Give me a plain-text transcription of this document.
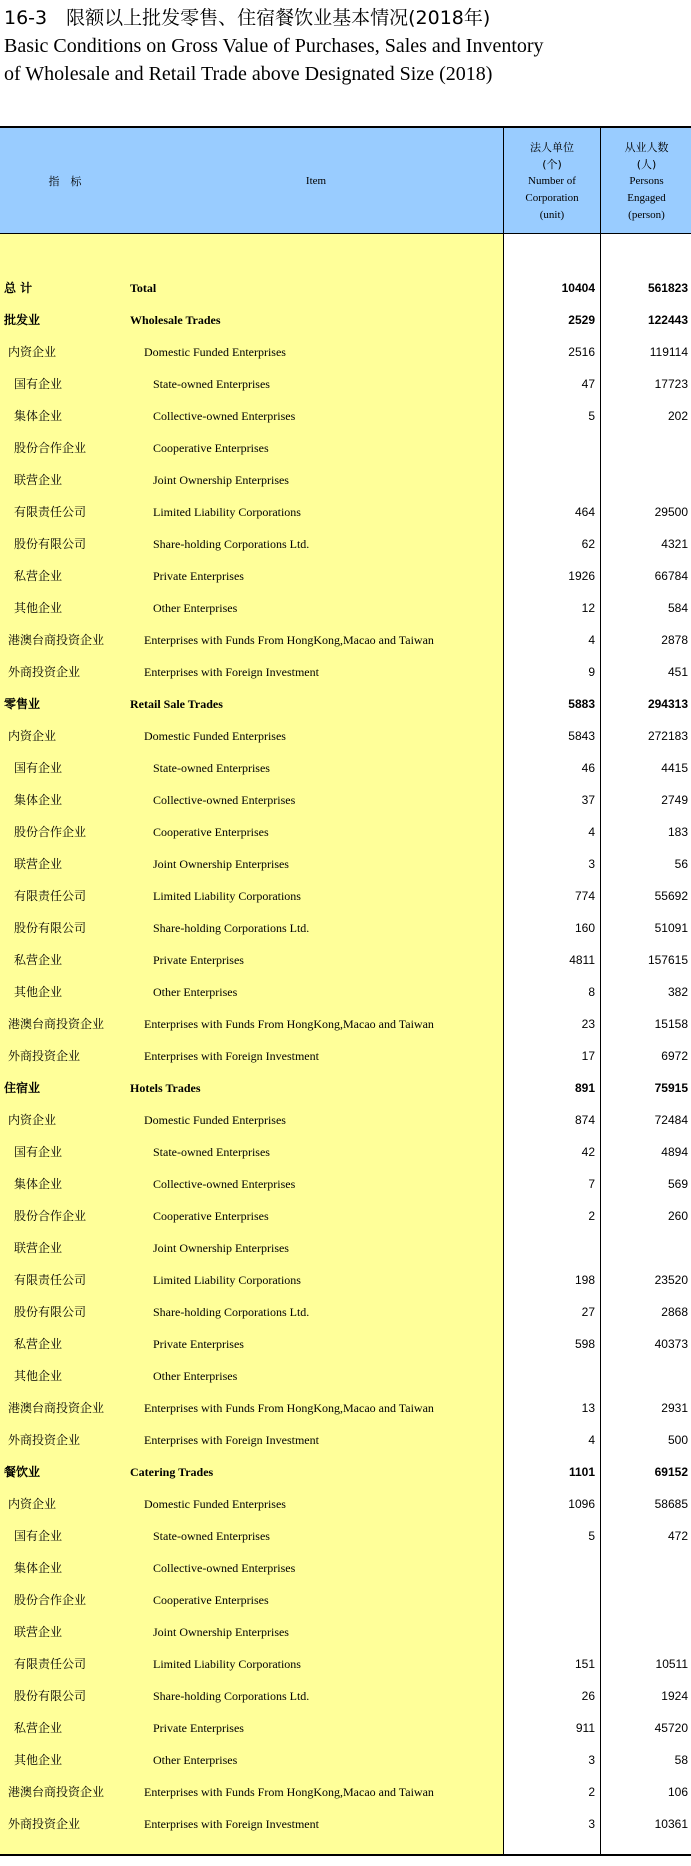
16-3　限额以上批发零售、住宿餐饮业基本情况(2018年)
Basic Conditions on Gross Value of Purchases, Sales and Inventory
of Wholesale and Retail Trade above Designated Size (2018)
指　标	Item
法人单位
(个)
Number of
Corporation
(unit)
从业人数
(人)
Persons
Engaged
(person)
总 计	Total	10404	561823
批发业	Wholesale Trades	2529	122443
内资企业	Domestic Funded Enterprises	2516	119114
国有企业	State-owned Enterprises	47	17723
集体企业	Collective-owned Enterprises	5	202
股份合作企业	Cooperative Enterprises
联营企业	Joint Ownership Enterprises
有限责任公司	Limited Liability Corporations	464	29500
股份有限公司	Share-holding Corporations Ltd.	62	4321
私营企业	Private Enterprises	1926	66784
其他企业	Other Enterprises	12	584
港澳台商投资企业	Enterprises with Funds From HongKong,Macao and Taiwan	4	2878
外商投资企业	Enterprises with Foreign Investment	9	451
零售业	Retail Sale Trades	5883	294313
内资企业	Domestic Funded Enterprises	5843	272183
国有企业	State-owned Enterprises	46	4415
集体企业	Collective-owned Enterprises	37	2749
股份合作企业	Cooperative Enterprises	4	183
联营企业	Joint Ownership Enterprises	3	56
有限责任公司	Limited Liability Corporations	774	55692
股份有限公司	Share-holding Corporations Ltd.	160	51091
私营企业	Private Enterprises	4811	157615
其他企业	Other Enterprises	8	382
港澳台商投资企业	Enterprises with Funds From HongKong,Macao and Taiwan	23	15158
外商投资企业	Enterprises with Foreign Investment	17	6972
住宿业	Hotels Trades	891	75915
内资企业	Domestic Funded Enterprises	874	72484
国有企业	State-owned Enterprises	42	4894
集体企业	Collective-owned Enterprises	7	569
股份合作企业	Cooperative Enterprises	2	260
联营企业	Joint Ownership Enterprises
有限责任公司	Limited Liability Corporations	198	23520
股份有限公司	Share-holding Corporations Ltd.	27	2868
私营企业	Private Enterprises	598	40373
其他企业	Other Enterprises
港澳台商投资企业	Enterprises with Funds From HongKong,Macao and Taiwan	13	2931
外商投资企业	Enterprises with Foreign Investment	4	500
餐饮业	Catering Trades	1101	69152
内资企业	Domestic Funded Enterprises	1096	58685
国有企业	State-owned Enterprises	5	472
集体企业	Collective-owned Enterprises
股份合作企业	Cooperative Enterprises
联营企业	Joint Ownership Enterprises
有限责任公司	Limited Liability Corporations	151	10511
股份有限公司	Share-holding Corporations Ltd.	26	1924
私营企业	Private Enterprises	911	45720
其他企业	Other Enterprises	3	58
港澳台商投资企业	Enterprises with Funds From HongKong,Macao and Taiwan	2	106
外商投资企业	Enterprises with Foreign Investment	3	10361
